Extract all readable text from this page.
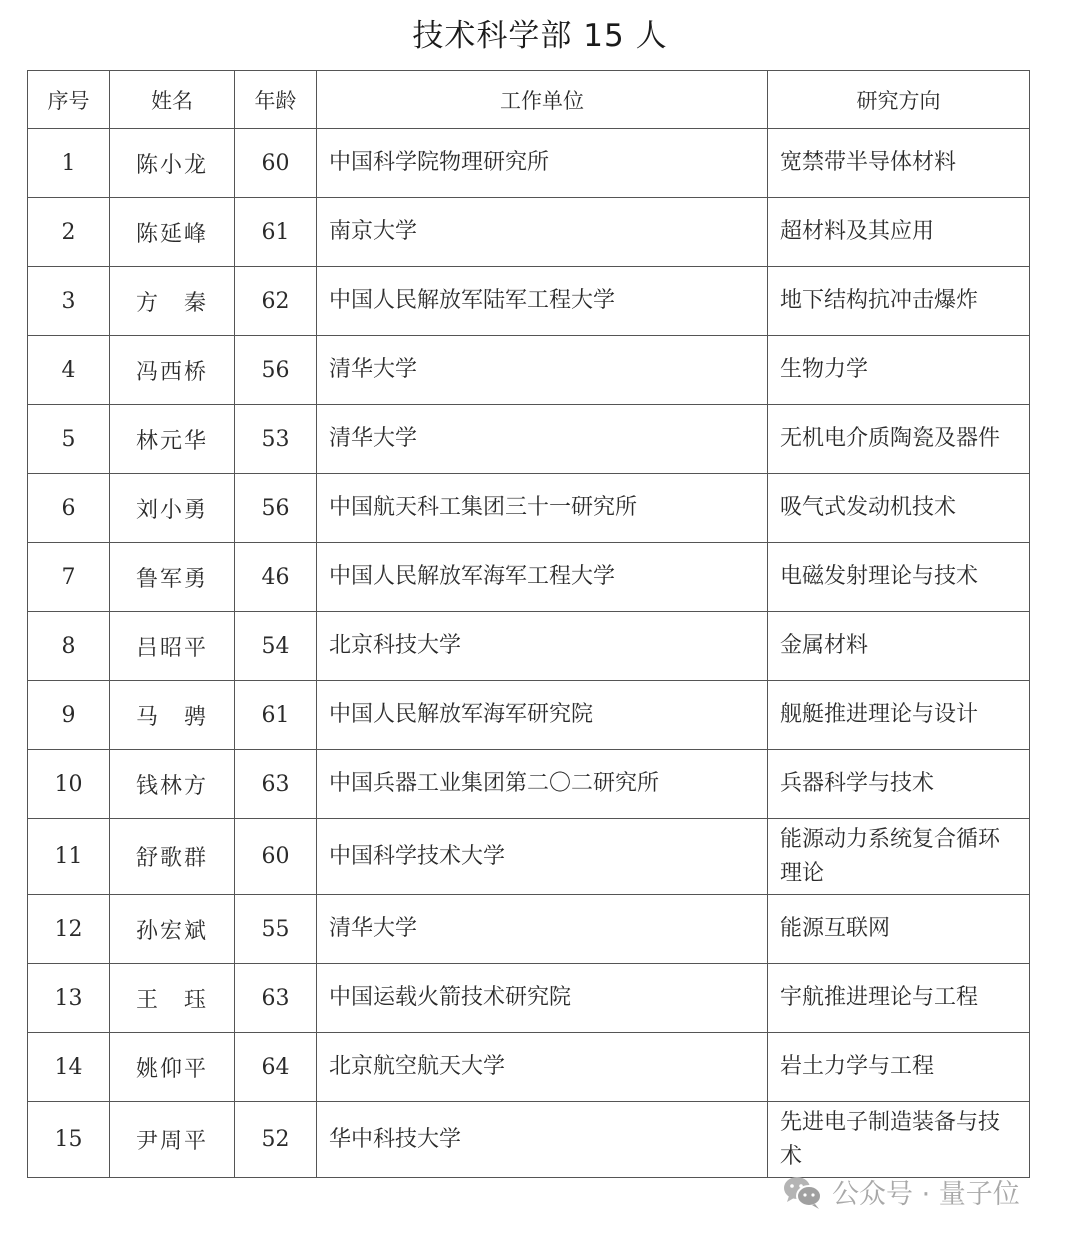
技术科学部 15 人
序号	姓名	年龄	工作单位	研究方向
1	陈小龙	60	中国科学院物理研究所	宽禁带半导体材料
2	陈延峰	61	南京大学	超材料及其应用
3	方　秦	62	中国人民解放军陆军工程大学	地下结构抗冲击爆炸
4	冯西桥	56	清华大学	生物力学
5	林元华	53	清华大学	无机电介质陶瓷及器件
6	刘小勇	56	中国航天科工集团三十一研究所	吸气式发动机技术
7	鲁军勇	46	中国人民解放军海军工程大学	电磁发射理论与技术
8	吕昭平	54	北京科技大学	金属材料
9	马　骋	61	中国人民解放军海军研究院	舰艇推进理论与设计
10	钱林方	63	中国兵器工业集团第二〇二研究所	兵器科学与技术
11	舒歌群	60	中国科学技术大学	能源动力系统复合循环理论
12	孙宏斌	55	清华大学	能源互联网
13	王　珏	63	中国运载火箭技术研究院	宇航推进理论与工程
14	姚仰平	64	北京航空航天大学	岩土力学与工程
15	尹周平	52	华中科技大学	先进电子制造装备与技术
公众号 · 量子位
